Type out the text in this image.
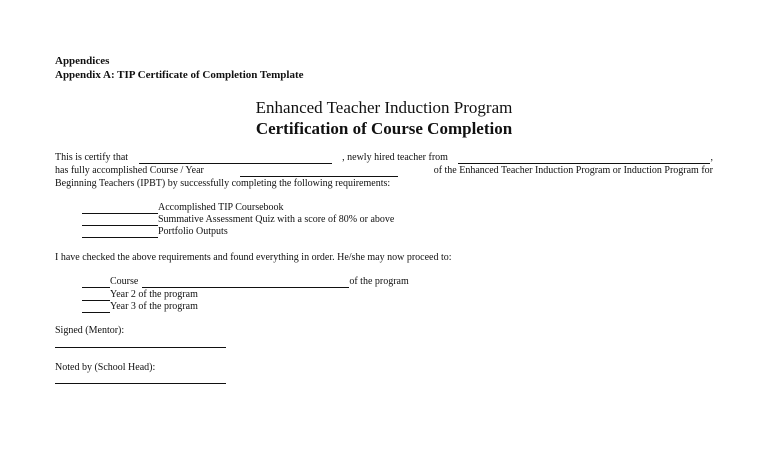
Appendices
Appendix A: TIP Certificate of Completion Template
Enhanced Teacher Induction Program
Certification of Course Completion
This is certify that	, newly hired teacher from	,
has fully accomplished Course / Year	of the Enhanced Teacher Induction Program or Induction Program for
Beginning Teachers (IPBT) by successfully completing the following requirements:
Accomplished TIP Coursebook
Summative Assessment Quiz with a score of 80% or above
Portfolio Outputs
I have checked the above requirements and found everything in order. He/she may now proceed to:
Course	of the program
Year 2 of the program
Year 3 of the program
Signed (Mentor):
Noted by (School Head):
